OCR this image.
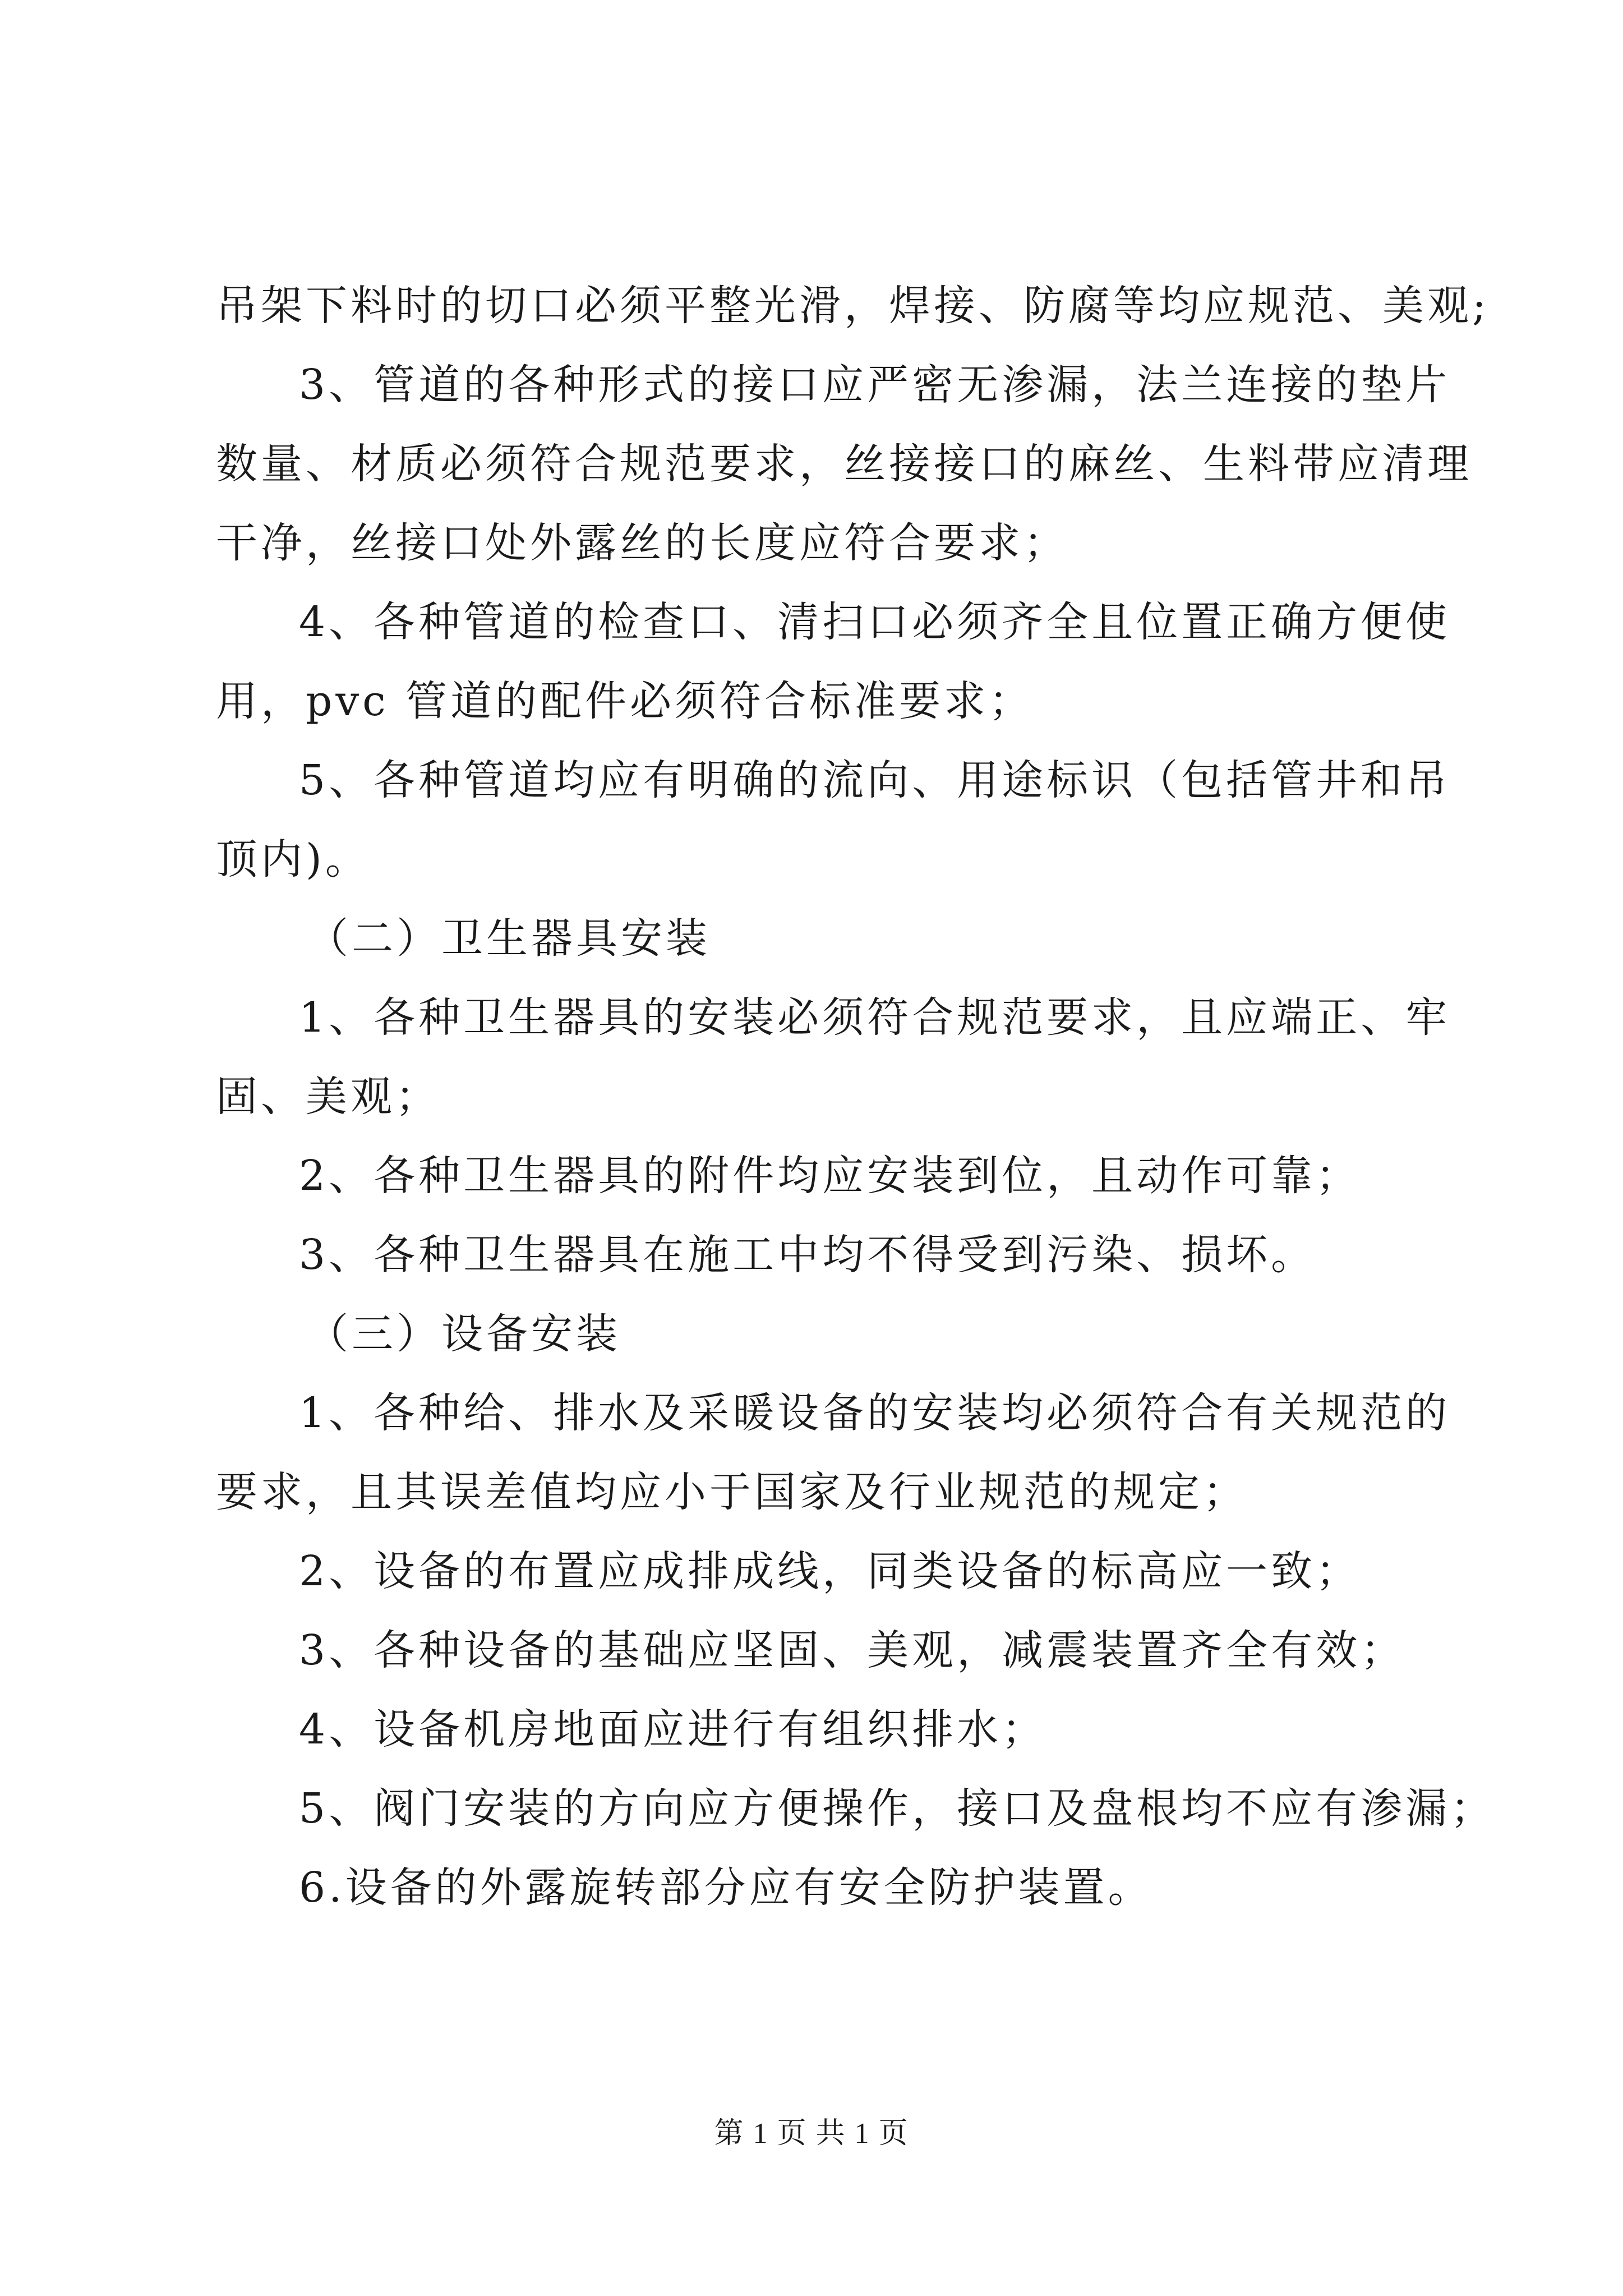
吊架下料时的切口必须平整光滑，焊接、防腐等均应规范、美观;
3、管道的各种形式的接口应严密无渗漏，法兰连接的垫片
数量、材质必须符合规范要求，丝接接口的麻丝、生料带应清理
干净，丝接口处外露丝的长度应符合要求；
4、各种管道的检查口、清扫口必须齐全且位置正确方便使
用，pvc 管道的配件必须符合标准要求；
5、各种管道均应有明确的流向、用途标识（包括管井和吊
顶内)。
（二）卫生器具安装
1、各种卫生器具的安装必须符合规范要求，且应端正、牢
固、美观；
2、各种卫生器具的附件均应安装到位，且动作可靠；
3、各种卫生器具在施工中均不得受到污染、损坏。
（三）设备安装
1、各种给、排水及采暖设备的安装均必须符合有关规范的
要求，且其误差值均应小于国家及行业规范的规定；
2、设备的布置应成排成线，同类设备的标高应一致；
3、各种设备的基础应坚固、美观，减震装置齐全有效；
4、设备机房地面应进行有组织排水；
5、阀门安装的方向应方便操作，接口及盘根均不应有渗漏；
6.设备的外露旋转部分应有安全防护装置。
第 1 页 共 1 页
